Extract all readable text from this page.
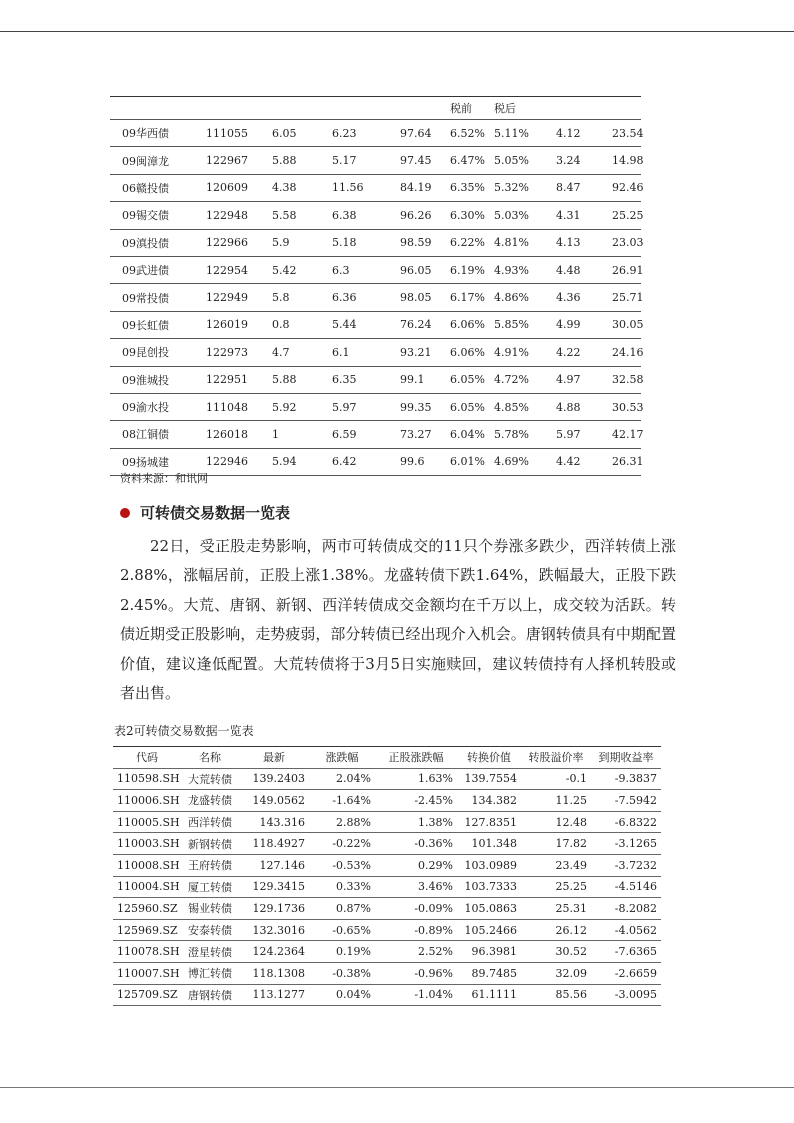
					税前	税后		
09华西债	111055	6.05	6.23	97.64	6.52%	5.11%	4.12	23.54
09闽漳龙	122967	5.88	5.17	97.45	6.47%	5.05%	3.24	14.98
06赣投债	120609	4.38	11.56	84.19	6.35%	5.32%	8.47	92.46
09锡交债	122948	5.58	6.38	96.26	6.30%	5.03%	4.31	25.25
09滇投债	122966	5.9	5.18	98.59	6.22%	4.81%	4.13	23.03
09武进债	122954	5.42	6.3	96.05	6.19%	4.93%	4.48	26.91
09常投债	122949	5.8	6.36	98.05	6.17%	4.86%	4.36	25.71
09长虹债	126019	0.8	5.44	76.24	6.06%	5.85%	4.99	30.05
09昆创投	122973	4.7	6.1	93.21	6.06%	4.91%	4.22	24.16
09淮城投	122951	5.88	6.35	99.1	6.05%	4.72%	4.97	32.58
09渝水投	111048	5.92	5.97	99.35	6.05%	4.85%	4.88	30.53
08江铜债	126018	1	6.59	73.27	6.04%	5.78%	5.97	42.17
09扬城建	122946	5.94	6.42	99.6	6.01%	4.69%	4.42	26.31
资料来源：和讯网
可转债交易数据一览表

22日，受正股走势影响，两市可转债成交的11只个券涨多跌少，西洋转债上涨2.88%，涨幅居前，正股上涨1.38%。龙盛转债下跌1.64%，跌幅最大，正股下跌2.45%。大荒、唐钢、新钢、西洋转债成交金额均在千万以上，成交较为活跃。转债近期受正股影响，走势疲弱，部分转债已经出现介入机会。唐钢转债具有中期配置价值，建议逢低配置。大荒转债将于3月5日实施赎回，建议转债持有人择机转股或者出售。

表2可转债交易数据一览表
代码	名称	最新	涨跌幅	正股涨跌幅	转换价值	转股溢价率	到期收益率
110598.SH	大荒转债	139.2403	2.04%	1.63%	139.7554	-0.1	-9.3837
110006.SH	龙盛转债	149.0562	-1.64%	-2.45%	134.382	11.25	-7.5942
110005.SH	西洋转债	143.316	2.88%	1.38%	127.8351	12.48	-6.8322
110003.SH	新钢转债	118.4927	-0.22%	-0.36%	101.348	17.82	-3.1265
110008.SH	王府转债	127.146	-0.53%	0.29%	103.0989	23.49	-3.7232
110004.SH	厦工转债	129.3415	0.33%	3.46%	103.7333	25.25	-4.5146
125960.SZ	锡业转债	129.1736	0.87%	-0.09%	105.0863	25.31	-8.2082
125969.SZ	安泰转债	132.3016	-0.65%	-0.89%	105.2466	26.12	-4.0562
110078.SH	澄星转债	124.2364	0.19%	2.52%	96.3981	30.52	-7.6365
110007.SH	博汇转债	118.1308	-0.38%	-0.96%	89.7485	32.09	-2.6659
125709.SZ	唐钢转债	113.1277	0.04%	-1.04%	61.1111	85.56	-3.0095
